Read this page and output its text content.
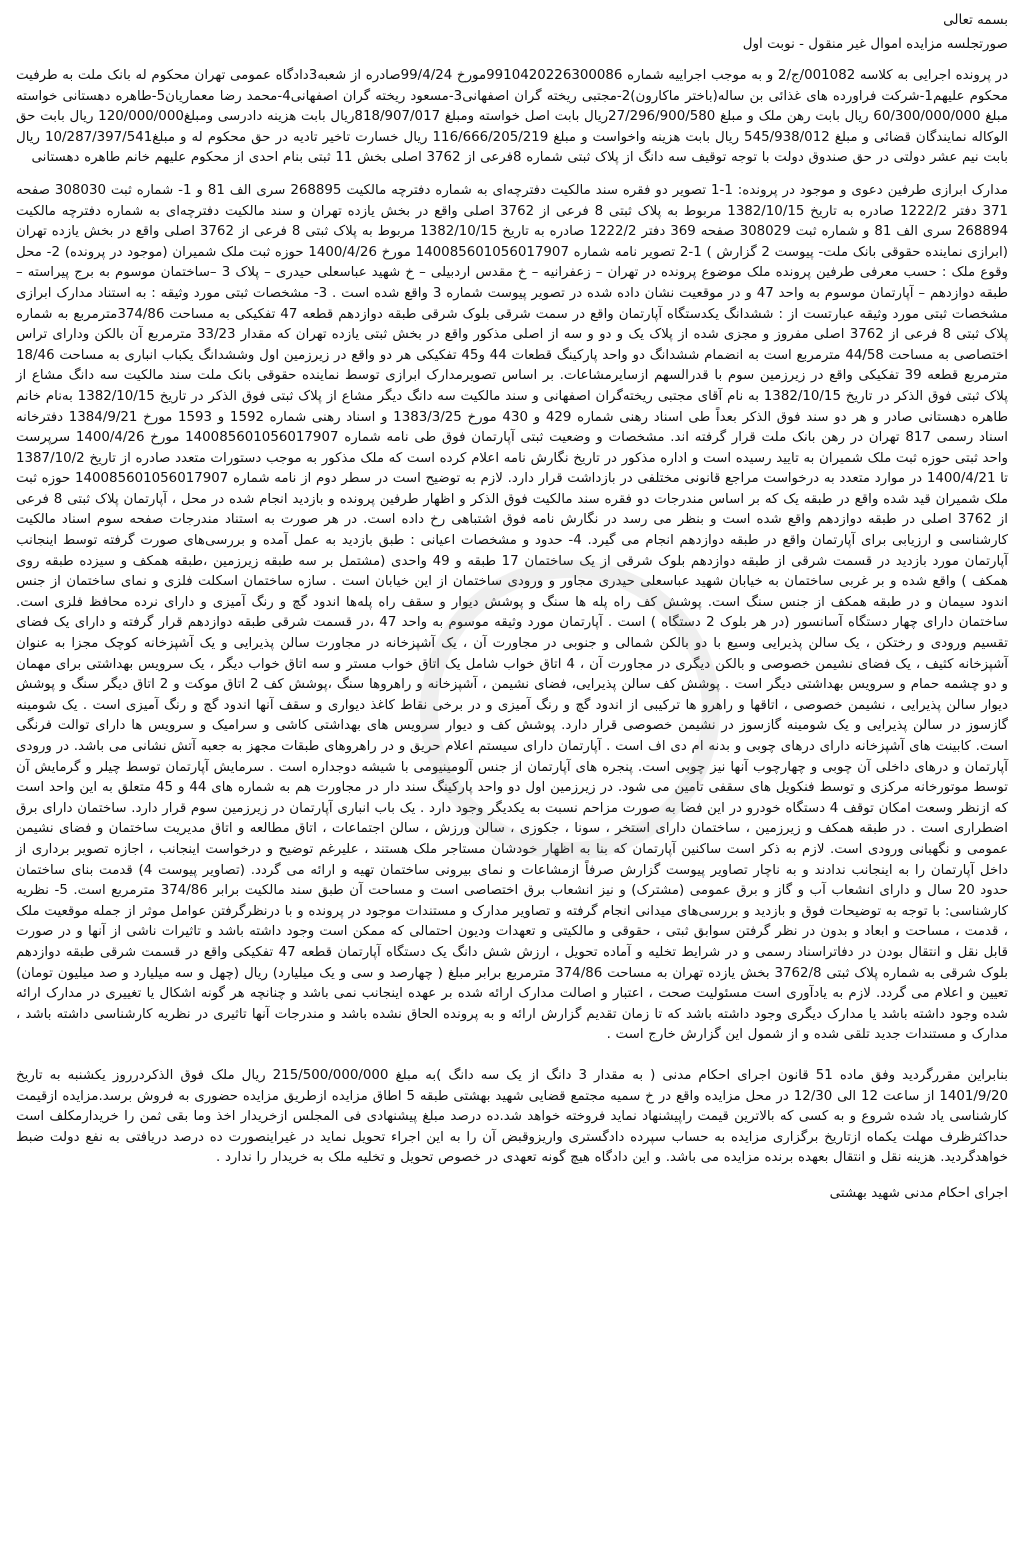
بسمه تعالی
صورتجلسه مزایده اموال غیر منقول - نوبت اول

در پرونده اجرایی به کلاسه 001082/ج/2 و به موجب اجراییه شماره 9910420226300086مورخ 99/4/24صادره از شعبه3دادگاه عمومی تهران محکوم له بانک ملت به طرفیت محکوم علیهم1-شرکت فراورده های غذائی بن ساله(باختر ماکارون)2-مجتبی ریخته گران اصفهانی3-مسعود ریخته گران اصفهانی4-محمد رضا معماریان5-طاهره دهستانی خواسته مبلغ 60/300/000/000 ریال بابت رهن ملک و مبلغ 27/296/900/580ریال بابت اصل خواسته ومبلغ 818/907/017ریال بابت هزینه دادرسی ومبلغ120/000/000 ریال بابت حق الوکاله نمایندگان قضائی و مبلغ 545/938/012 ریال بابت هزینه واخواست و مبلغ 116/666/205/219 ریال خسارت تاخیر تادیه در حق محکوم له و مبلغ10/287/397/541 ریال بابت نیم عشر دولتی در حق صندوق دولت با توجه توقیف سه دانگ از پلاک ثبتی شماره 8فرعی از 3762 اصلی بخش 11 ثبتی بنام احدی از محکوم علیهم خانم طاهره دهستانی

مدارک ابرازی طرفین دعوی و موجود در پرونده: 1-1 تصویر دو فقره سند مالکیت دفترچه‌ای به شماره دفترچه مالکیت 268895 سری الف 81 و 1- شماره ثبت 308030 صفحه 371 دفتر 1222/2 صادره به تاریخ 1382/10/15 مربوط به پلاک ثبتی 8 فرعی از 3762 اصلی واقع در بخش یازده تهران و سند مالکیت دفترچه‌ای به شماره دفترچه مالکیت 268894 سری الف 81 و شماره ثبت 308029 صفحه 369 دفتر 1222/2 صادره به تاریخ 1382/10/15 مربوط به پلاک ثبتی 8 فرعی از 3762 اصلی واقع در بخش یازده تهران (ابرازی نماینده حقوقی بانک ملت- پیوست 2 گزارش ) 1-2 تصویر نامه شماره 14008560105601790‌7 مورخ 1400/4/26 حوزه ثبت ملک شمیران (موجود در پرونده) 2- محل وقوع ملک : حسب معرفی طرفین پرونده ملک موضوع پرونده در تهران – زعفرانیه – خ مقدس اردبیلی – خ شهید عباسعلی حیدری – پلاک 3 –ساختمان موسوم به برج پیراسته – طبقه دوازدهم – آپارتمان موسوم به واحد 47 و در موقعیت نشان داده شده در تصویر پیوست شماره 3 واقع شده است . 3- مشخصات ثبتی مورد وثیقه : به استناد مدارک ابرازی مشخصات ثبتی مورد وثیقه عبارتست از : ششدانگ یکدستگاه آپارتمان واقع در سمت شرقی بلوک شرقی طبقه دوازدهم قطعه 47 تفکیکی به مساحت 374/86مترمربع به شماره پلاک ثبتی 8 فرعی از 3762 اصلی مفروز و مجزی شده از پلاک یک و دو و سه از اصلی مذکور واقع در بخش ثبتی یازده تهران که مقدار 33/23 مترمربع آن بالکن ودارای تراس اختصاصی به مساحت 44/58 مترمربع است به انضمام ششدانگ دو واحد پارکینگ قطعات 44 و45 تفکیکی هر دو واقع در زیرزمین اول وششدانگ یکباب انباری به مساحت 18/46 مترمربع قطعه 39 تفکیکی واقع در زیرزمین سوم با قدرالسهم ازسایرمشاعات. بر اساس تصویرمدارک ابرازی توسط نماینده حقوقی بانک ملت سند مالکیت سه دانگ مشاع از پلاک ثبتی فوق الذکر در تاریخ 1382/10/15 به نام آقای مجتبی ریخته‌گران اصفهانی و سند مالکیت سه دانگ دیگر مشاع از پلاک ثبتی فوق الذکر در تاریخ 1382/10/15 به‌نام خانم طاهره دهستانی صادر و هر دو سند فوق الذکر بعداً طی اسناد رهنی شماره 429 و 430 مورخ 1383/3/25 و اسناد رهنی شماره 1592 و 1593 مورخ 1384/9/21 دفترخانه اسناد رسمی 817 تهران در رهن بانک ملت قرار گرفته اند. مشخصات و وضعیت ثبتی آپارتمان فوق طی نامه شماره 14008560105601790‌7 مورخ 1400/4/26 سرپرست واحد ثبتی حوزه ثبت ملک شمیران به تایید رسیده است و اداره مذکور در تاریخ نگارش نامه اعلام کرده است که ملک مذکور به موجب دستورات متعدد صادره از تاریخ 1387/10/2 تا 1400/4/21 در موارد متعدد به درخواست مراجع قانونی مختلفی در بازداشت قرار دارد. لازم به توضیح است در سطر دوم از نامه شماره 14008560105601790‌7 حوزه ثبت ملک شمیران قید شده واقع در طبقه یک که بر اساس مندرجات دو فقره سند مالکیت فوق الذکر و اظهار طرفین پرونده و بازدید انجام شده در محل ، آپارتمان پلاک ثبتی 8 فرعی از 3762 اصلی در طبقه دوازدهم واقع شده است و بنظر می رسد در نگارش نامه فوق اشتباهی رخ داده است. در هر صورت به استناد مندرجات صفحه سوم اسناد مالکیت کارشناسی و ارزیابی برای آپارتمان واقع در طبقه دوازدهم انجام می گیرد. 4- حدود و مشخصات اعیانی : طبق بازدید به عمل آمده و بررسی‌های صورت گرفته توسط اینجانب آپارتمان مورد بازدید در قسمت شرقی از طبقه دوازدهم بلوک شرقی از یک ساختمان 17 طبقه و 49 واحدی (مشتمل بر سه طبقه زیرزمین ،طبقه همکف و سیزده طبقه روی همکف ) واقع شده و بر غربی ساختمان به خیابان شهید عباسعلی حیدری مجاور و ورودی ساختمان از این خیابان است . سازه ساختمان اسکلت فلزی و نمای ساختمان از جنس اندود سیمان و در طبقه همکف از جنس سنگ است. پوشش کف راه پله ها سنگ و پوشش دیوار و سقف راه پله‌ها اندود گچ و رنگ آمیزی و دارای نرده محافظ فلزی است. ساختمان دارای چهار دستگاه آسانسور (در هر بلوک 2 دستگاه ) است . آپارتمان مورد وثیقه موسوم به واحد 47 ،در قسمت شرقی طبقه دوازدهم قرار گرفته و دارای یک فضای تقسیم ورودی و رختکن ، یک سالن پذیرایی وسیع با دو بالکن شمالی و جنوبی در مجاورت آن ، یک آشپزخانه در مجاورت سالن پذیرایی و یک آشپزخانه کوچک مجزا به عنوان آشپزخانه کثیف ، یک فضای نشیمن خصوصی و بالکن دیگری در مجاورت آن ، 4 اتاق خواب شامل یک اتاق خواب مستر و سه اتاق خواب دیگر ، یک سرویس بهداشتی برای مهمان و دو چشمه حمام و سرویس بهداشتی دیگر است . پوشش کف سالن پذیرایی، فضای نشیمن ، آشپزخانه و راهروها سنگ ،پوشش کف 2 اتاق موکت و 2 اتاق دیگر سنگ و پوشش دیوار سالن پذیرایی ، نشیمن خصوصی ، اتاقها و راهرو ها ترکیبی از اندود گچ و رنگ آمیزی و در برخی نقاط کاغذ دیواری و سقف آنها اندود گچ و رنگ آمیزی است . یک شومینه گازسوز در سالن پذیرایی و یک شومینه گازسوز در نشیمن خصوصی قرار دارد. پوشش کف و دیوار سرویس های بهداشتی کاشی و سرامیک و سرویس ها دارای توالت فرنگی است. کابینت های آشپزخانه دارای درهای چوبی و بدنه ام دی اف است . آپارتمان دارای سیستم اعلام حریق و در راهروهای طبقات مجهز به جعبه آتش نشانی می باشد. در ورودی آپارتمان و درهای داخلی آن چوبی و چهارچوب آنها نیز چوبی است. پنجره های آپارتمان از جنس آلومینیومی با شیشه دوجداره است . سرمایش آپارتمان توسط چیلر و گرمایش آن توسط موتورخانه مرکزی و توسط فنکویل های سقفی تامین می شود. در زیرزمین اول دو واحد پارکینگ سند دار در مجاورت هم به شماره های 44 و 45 متعلق به این واحد است که ازنظر وسعت امکان توقف 4 دستگاه خودرو در این فضا به صورت مزاحم نسبت به یکدیگر وجود دارد . یک باب انباری آپارتمان در زیرزمین سوم قرار دارد. ساختمان دارای برق اضطراری است . در طبقه همکف و زیرزمین ، ساختمان دارای استخر ، سونا ، جکوزی ، سالن ورزش ، سالن اجتماعات ، اتاق مطالعه و اتاق مدیریت ساختمان و فضای نشیمن عمومی و نگهبانی ورودی است. لازم به ذکر است ساکنین آپارتمان که بنا به اظهار خودشان مستاجر ملک هستند ، علیرغم توضیح و درخواست اینجانب ، اجازه تصویر برداری از داخل آپارتمان را به اینجانب ندادند و به ناچار تصاویر پیوست گزارش صرفاً ازمشاعات و نمای بیرونی ساختمان تهیه و ارائه می گردد. (تصاویر پیوست 4) قدمت بنای ساختمان حدود 20 سال و دارای انشعاب آب و گاز و برق عمومی (مشترک) و نیز انشعاب برق اختصاصی است و مساحت آن طبق سند مالکیت برابر 374/86 مترمربع است. 5- نظریه کارشناسی: با توجه به توضیحات فوق و بازدید و بررسی‌های میدانی انجام گرفته و تصاویر مدارک و مستندات موجود در پرونده و با درنظرگرفتن عوامل موثر از جمله موقعیت ملک ، قدمت ، مساحت و ابعاد و بدون در نظر گرفتن سوابق ثبتی ، حقوقی و مالکیتی و تعهدات ودیون احتمالی که ممکن است وجود داشته باشد و تاثیرات ناشی از آنها و در صورت قابل نقل و انتقال بودن در دفاتراسناد رسمی و در شرایط تخلیه و آماده تحویل ، ارزش شش دانگ یک دستگاه آپارتمان قطعه 47 تفکیکی واقع در قسمت شرقی طبقه دوازدهم بلوک شرقی به شماره پلاک ثبتی 3762/8 بخش یازده تهران به مساحت 374/86 مترمربع برابر مبلغ ( چهارصد و سی و یک میلیارد) ریال (چهل و سه میلیارد و صد میلیون تومان) تعیین و اعلام می گردد. لازم به یادآوری است مسئولیت صحت ، اعتبار و اصالت مدارک ارائه شده بر عهده اینجانب نمی باشد و چنانچه هر گونه اشکال یا تغییری در مدارک ارائه شده وجود داشته باشد یا مدارک دیگری وجود داشته باشد که تا زمان تقدیم گزارش ارائه و به پرونده الحاق نشده باشد و مندرجات آنها تاثیری در نظریه کارشناسی داشته باشد ، مدارک و مستندات جدید تلقی شده و از شمول این گزارش خارج است .

بنابراین مقررگردید وفق ماده 51 قانون اجرای احکام مدنی ( به مقدار 3 دانگ از یک سه دانگ )به مبلغ 215/500/000/000 ریال ملک فوق الذکردرروز یکشنبه به تاریخ 1401/9/20 از ساعت 12 الی 12/30 در محل مزایده واقع در خ سمیه مجتمع قضایی شهید بهشتی طبقه 5 اطاق مزایده ازطریق مزایده حضوری به فروش برسد.مزایده ازقیمت کارشناسی یاد شده شروع و به کسی که بالاترین قیمت راپیشنهاد نماید فروخته خواهد شد.ده درصد مبلغ پیشنهادی فی المجلس ازخریدار اخذ وما بقی ثمن را خریدارمکلف است حداکثرظرف مهلت یکماه ازتاریخ برگزاری مزایده به حساب سپرده دادگستری واریزوقبض آن را به این اجراء تحویل نماید در غیراینصورت ده درصد دریافتی به نفع دولت ضبط خواهدگردید. هزینه نقل و انتقال بعهده برنده مزایده می باشد. و این دادگاه هیچ گونه تعهدی در خصوص تحویل و تخلیه ملک به خریدار را ندارد .

اجرای احکام مدنی شهید بهشتی
